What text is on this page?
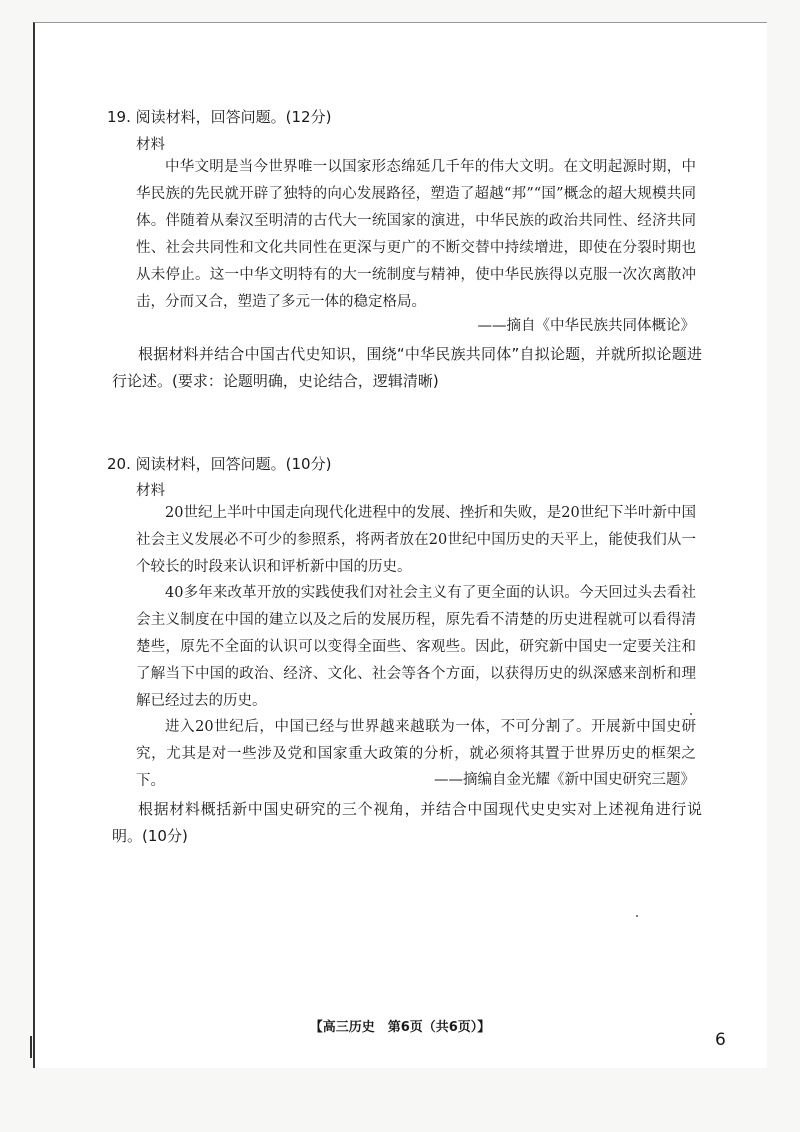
19. 阅读材料，回答问题。(12分)
材料
中华文明是当今世界唯一以国家形态绵延几千年的伟大文明。在文明起源时期，中华民族的先民就开辟了独特的向心发展路径，塑造了超越“邦”“国”概念的超大规模共同体。伴随着从秦汉至明清的古代大一统国家的演进，中华民族的政治共同性、经济共同性、社会共同性和文化共同性在更深与更广的不断交替中持续增进，即使在分裂时期也从未停止。这一中华文明特有的大一统制度与精神，使中华民族得以克服一次次离散冲击，分而又合，塑造了多元一体的稳定格局。
——摘自《中华民族共同体概论》
根据材料并结合中国古代史知识，围绕“中华民族共同体”自拟论题，并就所拟论题进行论述。(要求：论题明确，史论结合，逻辑清晰)
20. 阅读材料，回答问题。(10分)
材料
20世纪上半叶中国走向现代化进程中的发展、挫折和失败，是20世纪下半叶新中国社会主义发展必不可少的参照系，将两者放在20世纪中国历史的天平上，能使我们从一个较长的时段来认识和评析新中国的历史。
40多年来改革开放的实践使我们对社会主义有了更全面的认识。今天回过头去看社会主义制度在中国的建立以及之后的发展历程，原先看不清楚的历史进程就可以看得清楚些，原先不全面的认识可以变得全面些、客观些。因此，研究新中国史一定要关注和了解当下中国的政治、经济、文化、社会等各个方面，以获得历史的纵深感来剖析和理解已经过去的历史。
进入20世纪后，中国已经与世界越来越联为一体，不可分割了。开展新中国史研究，尤其是对一些涉及党和国家重大政策的分析，就必须将其置于世界历史的框架之下。	——摘编自金光耀《新中国史研究三题》
根据材料概括新中国史研究的三个视角，并结合中国现代史史实对上述视角进行说明。(10分)
【高三历史　第6页（共6页）】
6
